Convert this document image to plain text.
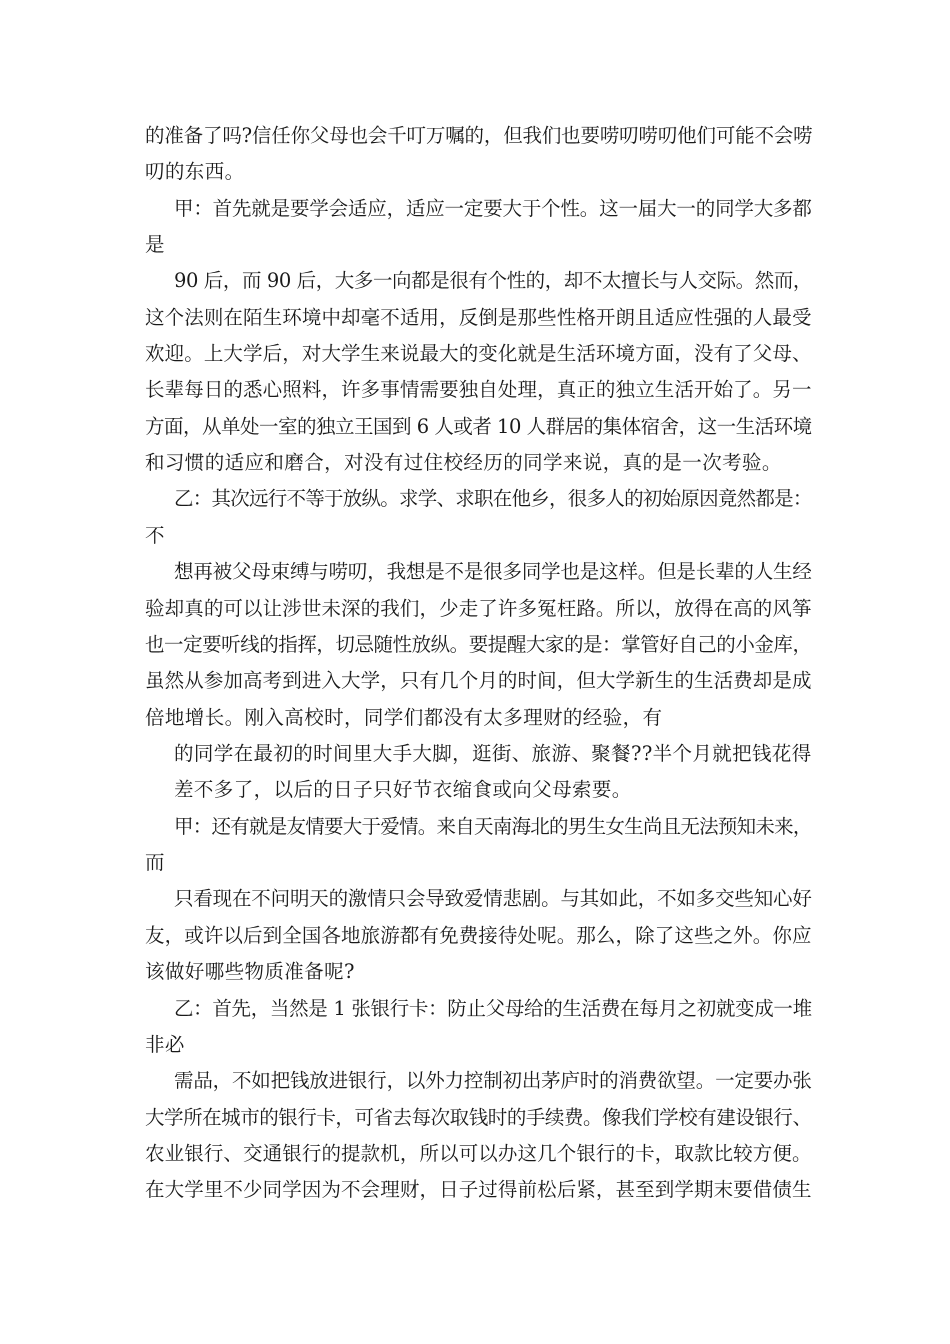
的准备了吗?信任你父母也会千叮万嘱的，但我们也要唠叨唠叨他们可能不会唠
叨的东西。
甲：首先就是要学会适应，适应一定要大于个性。这一届大一的同学大多都
是
90 后，而 90 后，大多一向都是很有个性的，却不太擅长与人交际。然而，
这个法则在陌生环境中却毫不适用，反倒是那些性格开朗且适应性强的人最受
欢迎。上大学后，对大学生来说最大的变化就是生活环境方面，没有了父母、
长辈每日的悉心照料，许多事情需要独自处理，真正的独立生活开始了。另一
方面，从单处一室的独立王国到 6 人或者 10 人群居的集体宿舍，这一生活环境
和习惯的适应和磨合，对没有过住校经历的同学来说，真的是一次考验。
乙：其次远行不等于放纵。求学、求职在他乡，很多人的初始原因竟然都是：
不
想再被父母束缚与唠叨，我想是不是很多同学也是这样。但是长辈的人生经
验却真的可以让涉世未深的我们，少走了许多冤枉路。所以，放得在高的风筝
也一定要听线的指挥，切忌随性放纵。要提醒大家的是：掌管好自己的小金库，
虽然从参加高考到进入大学，只有几个月的时间，但大学新生的生活费却是成
倍地增长。刚入高校时，同学们都没有太多理财的经验，有
的同学在最初的时间里大手大脚，逛街、旅游、聚餐??半个月就把钱花得
差不多了，以后的日子只好节衣缩食或向父母索要。
甲：还有就是友情要大于爱情。来自天南海北的男生女生尚且无法预知未来，
而
只看现在不问明天的激情只会导致爱情悲剧。与其如此，不如多交些知心好
友，或许以后到全国各地旅游都有免费接待处呢。那么，除了这些之外。你应
该做好哪些物质准备呢?
乙：首先，当然是 1 张银行卡：防止父母给的生活费在每月之初就变成一堆
非必
需品，不如把钱放进银行，以外力控制初出茅庐时的消费欲望。一定要办张
大学所在城市的银行卡，可省去每次取钱时的手续费。像我们学校有建设银行、
农业银行、交通银行的提款机，所以可以办这几个银行的卡，取款比较方便。
在大学里不少同学因为不会理财，日子过得前松后紧，甚至到学期末要借债生
